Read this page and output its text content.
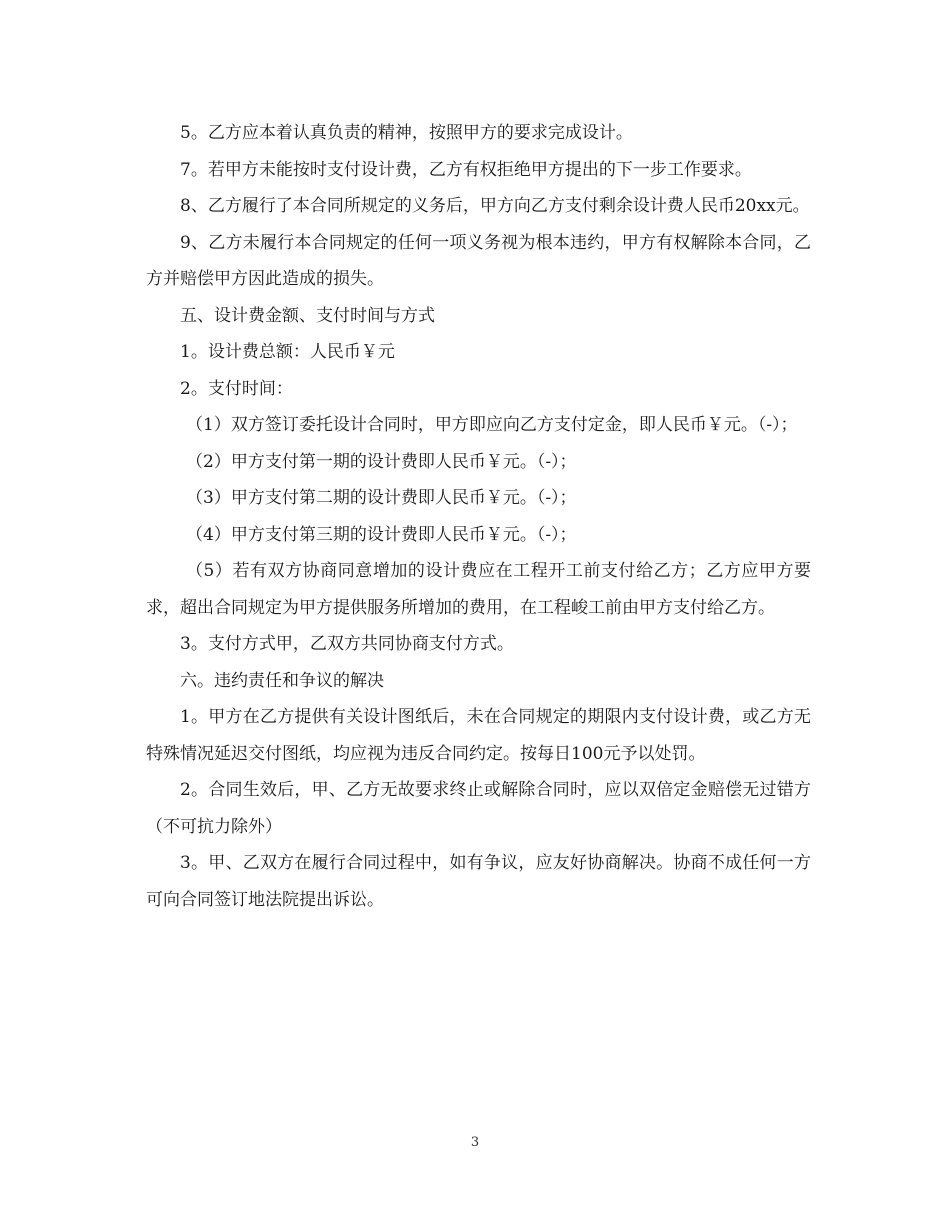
5。乙方应本着认真负责的精神，按照甲方的要求完成设计。

7。若甲方未能按时支付设计费，乙方有权拒绝甲方提出的下一步工作要求。

8、乙方履行了本合同所规定的义务后，甲方向乙方支付剩余设计费人民币20xx元。

9、乙方未履行本合同规定的任何一项义务视为根本违约，甲方有权解除本合同，乙方并赔偿甲方因此造成的损失。

五、设计费金额、支付时间与方式

1。设计费总额：人民币￥元

2。支付时间：

（1）双方签订委托设计合同时，甲方即应向乙方支付定金，即人民币￥元。（-）；

（2）甲方支付第一期的设计费即人民币￥元。（-）；

（3）甲方支付第二期的设计费即人民币￥元。（-）；

（4）甲方支付第三期的设计费即人民币￥元。（-）；

（5）若有双方协商同意增加的设计费应在工程开工前支付给乙方；乙方应甲方要求，超出合同规定为甲方提供服务所增加的费用，在工程峻工前由甲方支付给乙方。

3。支付方式甲，乙双方共同协商支付方式。

六。违约责任和争议的解决

1。甲方在乙方提供有关设计图纸后，未在合同规定的期限内支付设计费，或乙方无特殊情况延迟交付图纸，均应视为违反合同约定。按每日100元予以处罚。

2。合同生效后，甲、乙方无故要求终止或解除合同时，应以双倍定金赔偿无过错方（不可抗力除外）

3。甲、乙双方在履行合同过程中，如有争议，应友好协商解决。协商不成任何一方可向合同签订地法院提出诉讼。

3
